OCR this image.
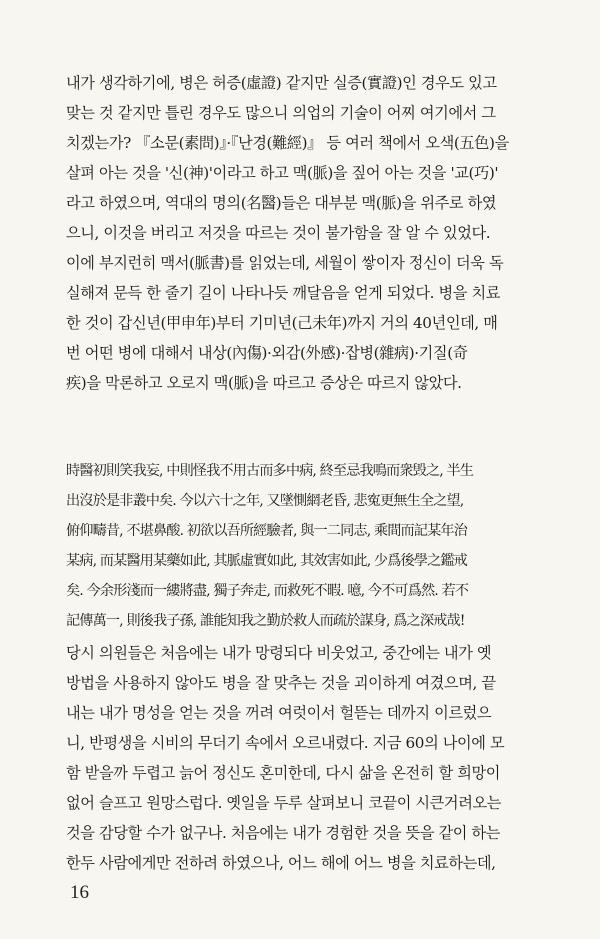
내가 생각하기에, 병은 허증(虛證) 같지만 실증(實證)인 경우도 있고
맞는 것 같지만 틀린 경우도 많으니 의업의 기술이 어찌 여기에서 그
치겠는가? 『소문(素問)』·『난경(難經)』 등 여러 책에서 오색(五色)을
살펴 아는 것을 '신(神)'이라고 하고 맥(脈)을 짚어 아는 것을 '교(巧)'
라고 하였으며, 역대의 명의(名醫)들은 대부분 맥(脈)을 위주로 하였
으니, 이것을 버리고 저것을 따르는 것이 불가함을 잘 알 수 있었다.
이에 부지런히 맥서(脈書)를 읽었는데, 세월이 쌓이자 정신이 더욱 독
실해져 문득 한 줄기 길이 나타나듯 깨달음을 얻게 되었다. 병을 치료
한 것이 갑신년(甲申年)부터 기미년(己未年)까지 거의 40년인데, 매
번 어떤 병에 대해서 내상(內傷)·외감(外感)·잡병(雜病)·기질(奇
疾)을 막론하고 오로지 맥(脈)을 따르고 증상은 따르지 않았다.
時醫初則笑我妄, 中則怪我不用古而多中病, 終至忌我鳴而衆毁之, 半生
出沒於是非叢中矣. 今以六十之年, 又墜惻網老昏, 悲寃更無生全之望,
俯仰疇昔, 不堪鼻酸. 初欲以吾所經驗者, 與一二同志, 乘間而記某年治
某病, 而某醫用某藥如此, 其脈虛實如此, 其效害如此, 少爲後學之鑑戒
矣. 今余形淺而一縷將盡, 獨子奔走, 而救死不暇. 噫, 今不可爲然. 若不
記傳萬一, 則後我子孫, 誰能知我之勤於救人而疏於謀身, 爲之深戒哉!
당시 의원들은 처음에는 내가 망령되다 비웃었고, 중간에는 내가 옛
방법을 사용하지 않아도 병을 잘 맞추는 것을 괴이하게 여겼으며, 끝
내는 내가 명성을 얻는 것을 꺼려 여럿이서 헐뜯는 데까지 이르렀으
니, 반평생을 시비의 무더기 속에서 오르내렸다. 지금 60의 나이에 모
함 받을까 두렵고 늙어 정신도 혼미한데, 다시 삶을 온전히 할 희망이
없어 슬프고 원망스럽다. 옛일을 두루 살펴보니 코끝이 시큰거려오는
것을 감당할 수가 없구나. 처음에는 내가 경험한 것을 뜻을 같이 하는
한두 사람에게만 전하려 하였으나, 어느 해에 어느 병을 치료하는데,
16
